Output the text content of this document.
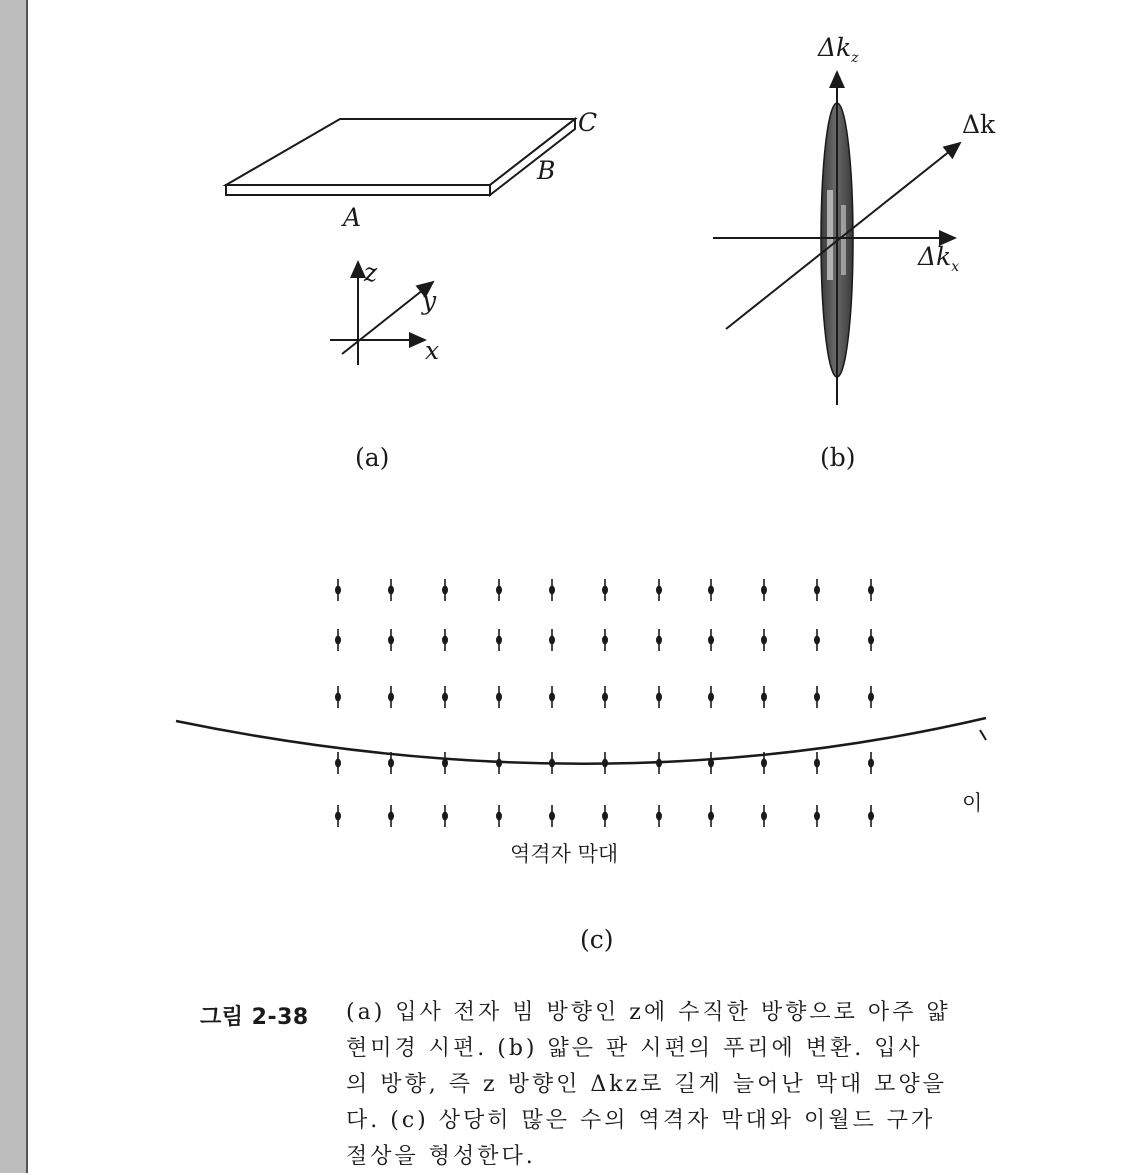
C
B
A
z
y
x
(a)
$\Delta k_z$
Δk
$\Delta k_x$
(b)
역격자 막대
이
(c)
그림 2-38 (a) 입사 전자 빔 방향인 z에 수직한 방향으로 아주 얇
현미경 시편. (b) 얇은 판 시편의 푸리에 변환. 입사
의 방향, 즉 z 방향인 Δkz로 길게 늘어난 막대 모양을
다. (c) 상당히 많은 수의 역격자 막대와 이월드 구가
절상을 형성한다.
